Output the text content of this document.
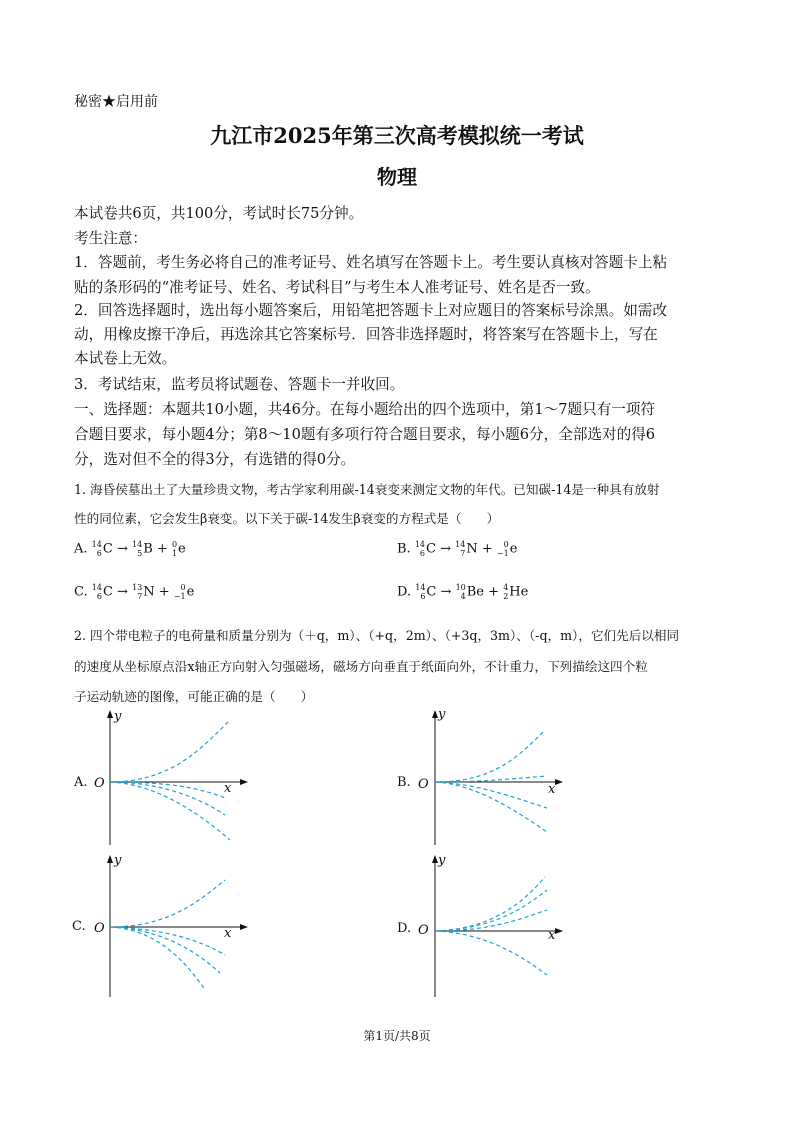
秘密★启用前
九江市2025年第三次高考模拟统一考试
物理
本试卷共6页，共100分，考试时长75分钟。
考生注意：
1．答题前，考生务必将自己的准考证号、姓名填写在答题卡上。考生要认真核对答题卡上粘
贴的条形码的“准考证号、姓名、考试科目”与考生本人准考证号、姓名是否一致。
2．回答选择题时，选出每小题答案后，用铅笔把答题卡上对应题目的答案标号涂黑。如需改
动，用橡皮擦干净后，再选涂其它答案标号．回答非选择题时，将答案写在答题卡上，写在
本试卷上无效。
3．考试结束，监考员将试题卷、答题卡一并收回。
一、选择题：本题共10小题，共46分。在每小题给出的四个选项中，第1～7题只有一项符
合题目要求，每小题4分；第8～10题有多项行符合题目要求，每小题6分，全部选对的得6
分，选对但不全的得3分，有选错的得0分。
1. 海昏侯墓出土了大量珍贵文物，考古学家利用碳-14衰变来测定文物的年代。已知碳-14是一种具有放射
性的同位素，它会发生β衰变。以下关于碳-14发生β衰变的方程式是（　　）
A. 14
6C → 14
5B + 0
1e	B. 14
6C → 14
7N + 0
−1e
C. 14
6C → 13
7N + 0
−1e	D. 14
6C → 10
4Be + 4
2He
2. 四个带电粒子的电荷量和质量分别为（＋q，m）、（+q，2m）、（+3q，3m）、（-q，m），它们先后以相同
的速度从坐标原点沿x轴正方向射入匀强磁场，磁场方向垂直于纸面向外，不计重力，下列描绘这四个粒
子运动轨迹的图像，可能正确的是（　　）
A. O	x
y
B. O	x
y
C. O	x
y
D. O	x
y
第1页/共8页
